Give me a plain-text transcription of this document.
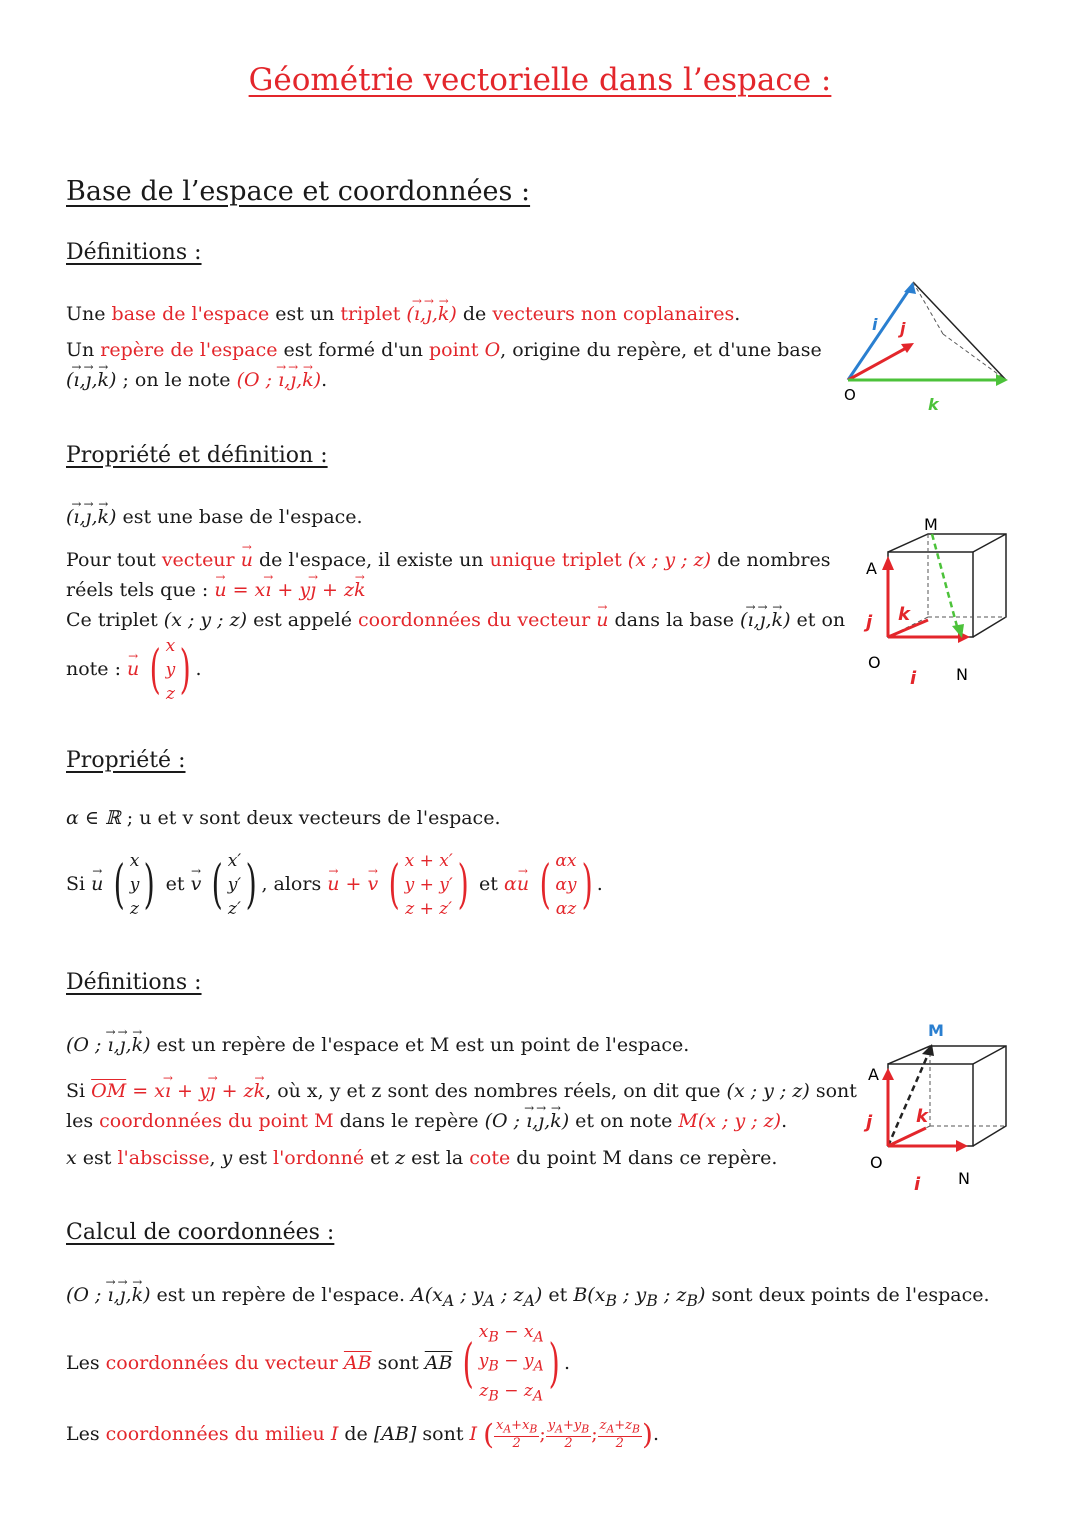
Géométrie vectorielle dans l’espace :
Base de l’espace et coordonnées :
Définitions :
Une base de l'espace est un triplet (→ ı,→ ȷ,→ k) de vecteurs non coplanaires.
Un repère de l'espace est formé d'un point O, origine du repère, et d'une base
(→ ı,→ ȷ,→ k) ; on le note (O ; → ı,→ ȷ,→ k).
O
i j
k
Propriété et définition :
(→ ı,→ ȷ,→ k) est une base de l'espace.
Pour tout vecteur → u de l'espace, il existe un unique triplet (x ; y ; z) de nombres
réels tels que : → u = x→ ı + y→ ȷ + z→ k
Ce triplet (x ; y ; z) est appelé coordonnées du vecteur → u dans la base (→ ı,→ ȷ,→ k) et on
note : → u ( x
y
z ) .
M
A
O
N
j k
i
Propriété :
α ∈ ℝ ; u et v sont deux vecteurs de l'espace.
Si → u ( x
y
z ) et → v ( x′
y′
z′ ) , alors → u + → v ( x + x′
y + y′
z + z′ ) et α→ u ( αx
αy
αz ) .
Définitions :
(O ; → ı,→ ȷ,→ k) est un repère de l'espace et M est un point de l'espace.
Si $\overline{OM} = x\to$ ı + y→ ȷ + z→ k, où x, y et z sont des nombres réels, on dit que (x ; y ; z) sont
les coordonnées du point M dans le repère (O ; → ı,→ ȷ,→ k) et on note M(x ; y ; z).
x est l'abscisse, y est l'ordonné et z est la cote du point M dans ce repère.
M
A
O
N
j k
i
Calcul de coordonnées :
(O ; → ı,→ ȷ,→ k) est un repère de l'espace. $A(x_A$ ; $y_A$ ; $z_A$) et $B(x_B$ ; $y_B$ ; $z_B$) sont deux points de l'espace.
Les coordonnées du vecteur $\overline{AB}$ sont $\overline{AB}$ (
$x_B - x_A$
$y_B - y_A$
$z_B - z_A$
) .
Les coordonnées du milieu I de [AB] sont I ( $\frac{x_A+x_B}{2}$ ; $\frac{y_A+y_B}{2}$ ; $\frac{z_A+z_B}{2}$ ).
